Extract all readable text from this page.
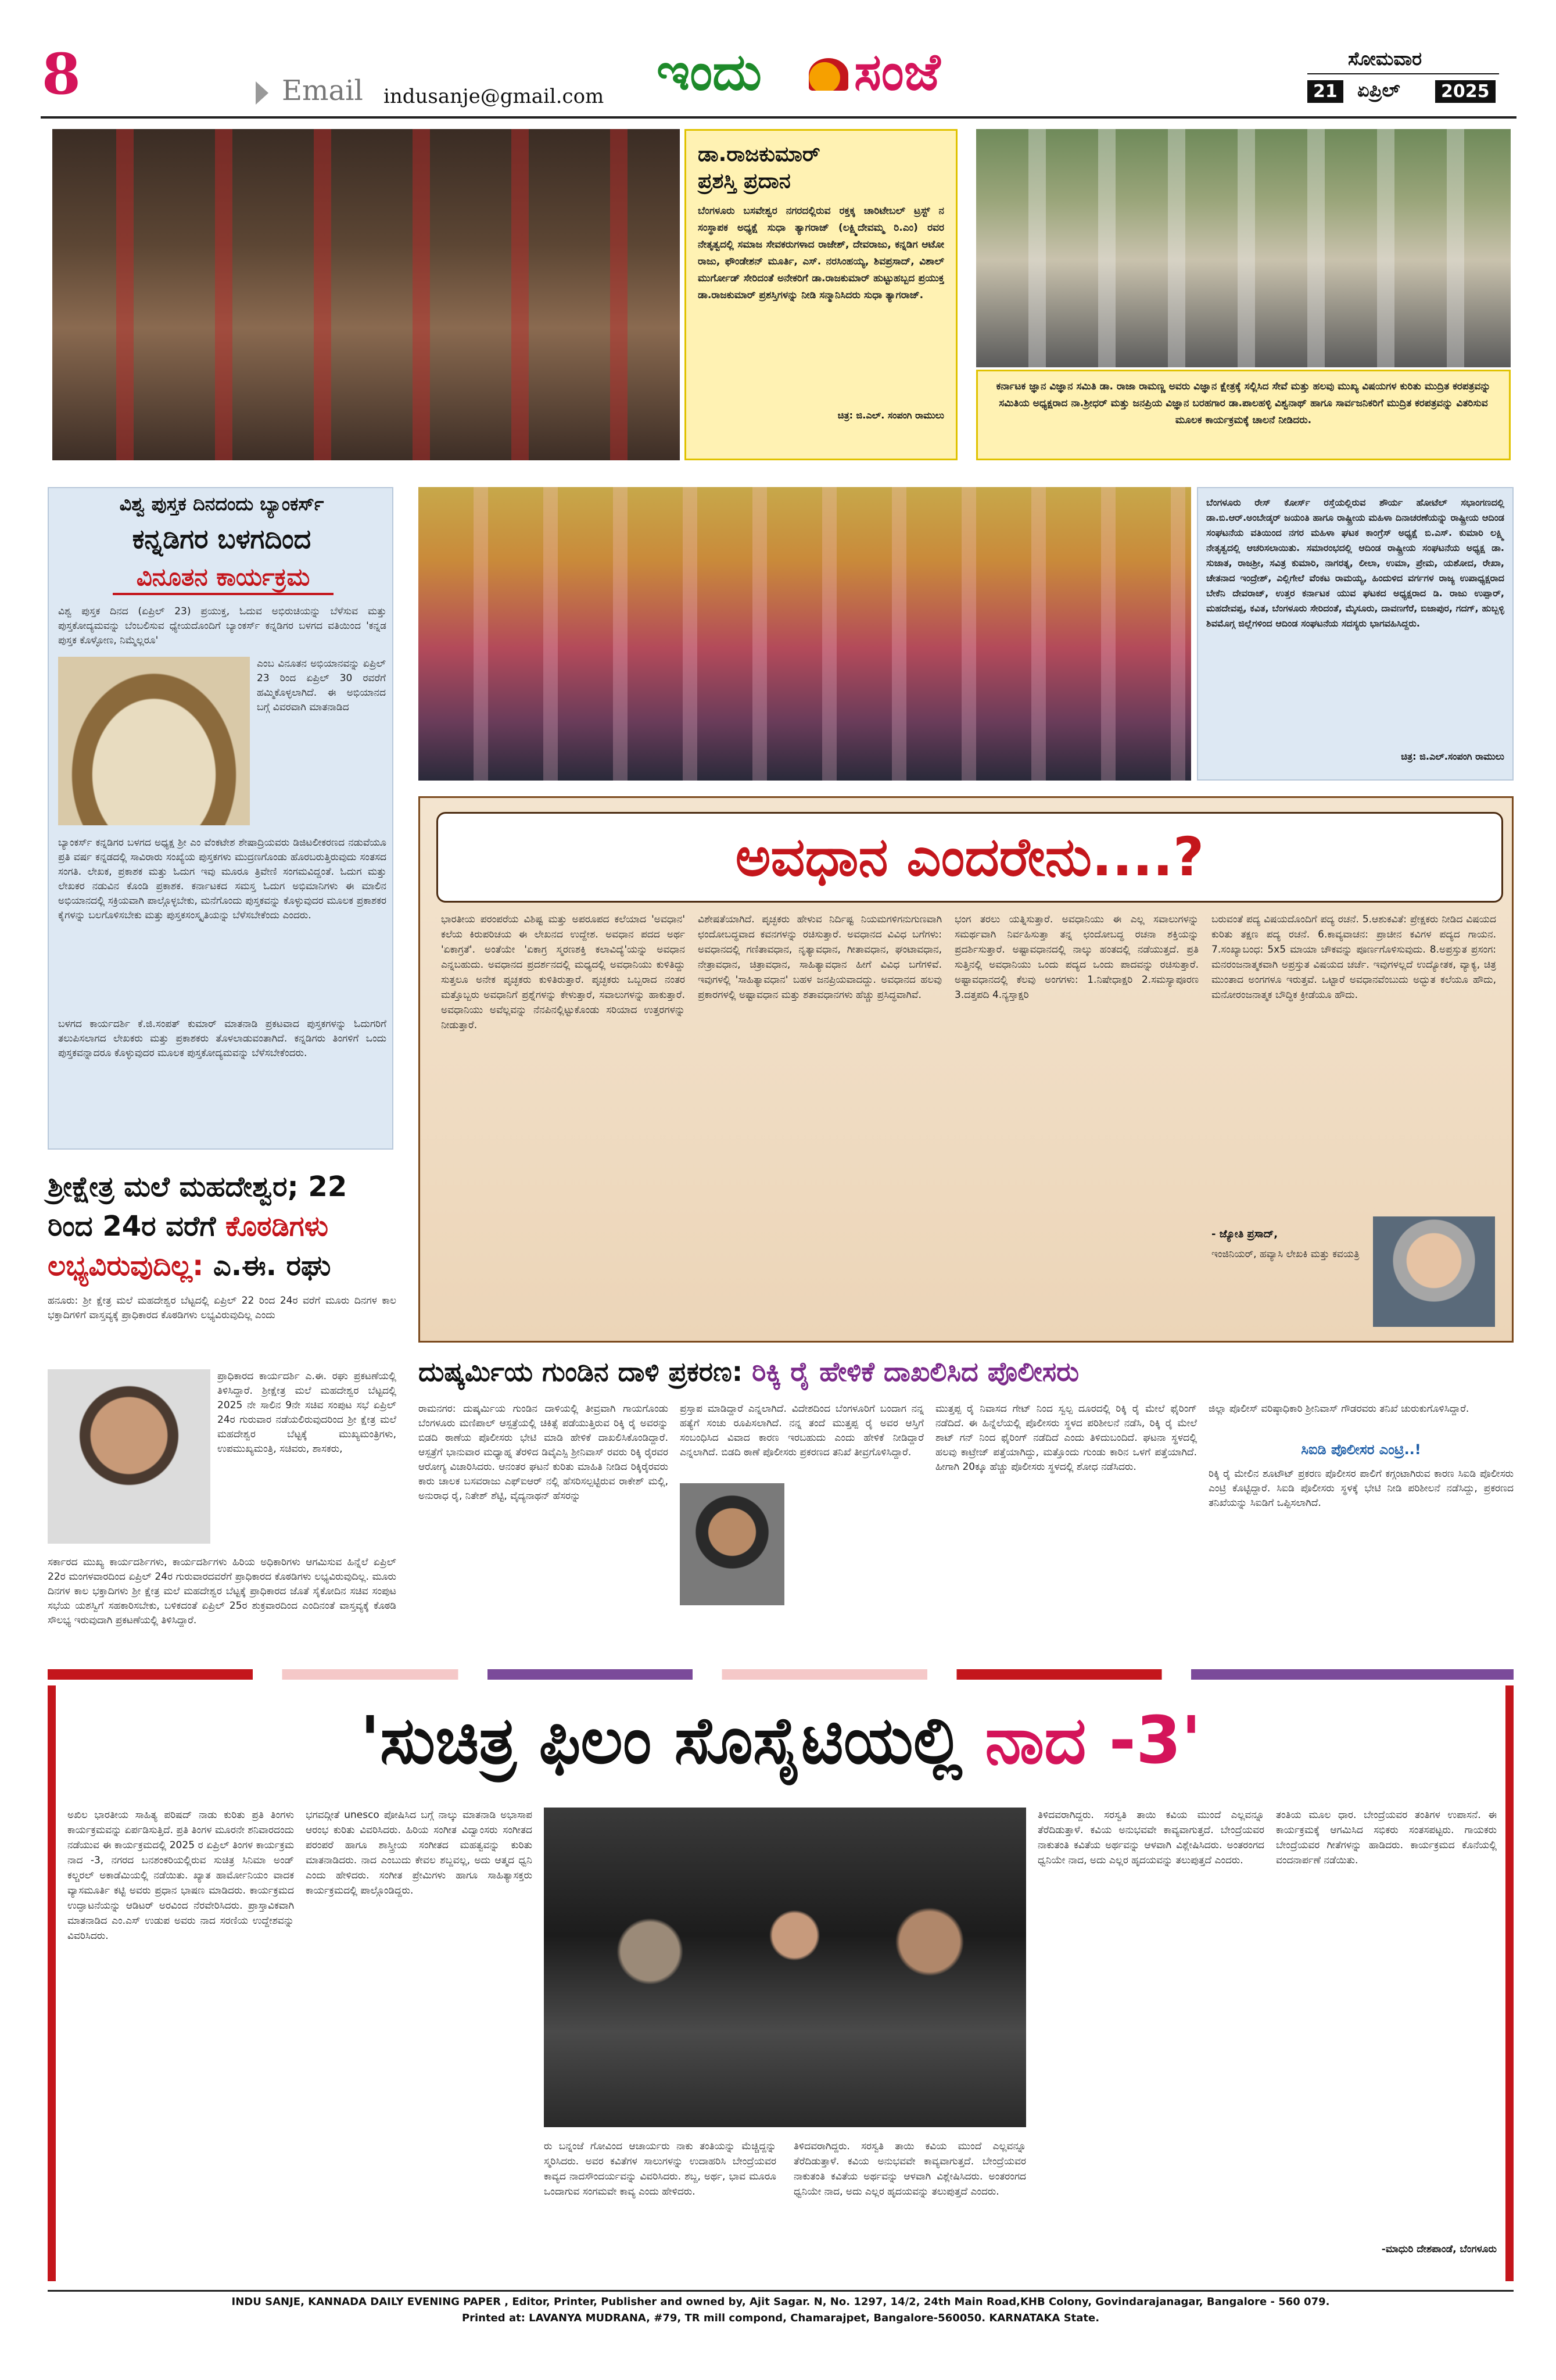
8	Email indusanje@gmail.com ಇಂದು ಸಂಜೆ	ಸೋಮವಾರ
21	ಏಪ್ರಿಲ್	2025
ಡಾ.ರಾಜಕುಮಾರ್
ಪ್ರಶಸ್ತಿ ಪ್ರದಾನ
ಬೆಂಗಳೂರು ಬಸವೇಶ್ವರ ನಗರದಲ್ಲಿರುವ ರಕ್ತಕ್ಕ ಚಾರಿಟೇಬಲ್ ಟ್ರಸ್ಟ್ ನ ಸಂಸ್ಥಾಪಕ ಅಧ್ಯಕ್ಷೆ ಸುಧಾ ತ್ಯಾಗರಾಜ್ (ಲಕ್ಷ್ಮಿದೇವಮ್ಮ ರಿ.ಎಂ) ರವರ ನೇತೃತ್ವದಲ್ಲಿ ಸಮಾಜ ಸೇವಕರುಗಳಾದ ರಾಜೇಶ್, ದೇವರಾಜು, ಕನ್ನಡಿಗ ಆಟೋ ರಾಜು, ಫೌಂಡೇಶನ್ ಮೂರ್ತಿ, ಎಸ್. ನರಸಿಂಹಯ್ಯ, ಶಿವಪ್ರಸಾದ್, ವಿಶಾಲ್ ಮುರ್ಗೋಡ್ ಸೇರಿದಂತೆ ಅನೇಕರಿಗೆ ಡಾ.ರಾಜಕುಮಾರ್ ಹುಟ್ಟುಹಬ್ಬದ ಪ್ರಯುಕ್ತ ಡಾ.ರಾಜಕುಮಾರ್ ಪ್ರಶಸ್ತಿಗಳನ್ನು ನೀಡಿ ಸನ್ಮಾನಿಸಿದರು ಸುಧಾ ತ್ಯಾಗರಾಜ್.
ಚಿತ್ರ: ಜಿ.ಎಲ್. ಸಂಪಂಗಿ ರಾಮುಲು
ಕರ್ನಾಟಕ ಜ್ಞಾನ ವಿಜ್ಞಾನ ಸಮಿತಿ ಡಾ. ರಾಜಾ ರಾಮಣ್ಣ ಅವರು ವಿಜ್ಞಾನ ಕ್ಷೇತ್ರಕ್ಕೆ ಸಲ್ಲಿಸಿದ ಸೇವೆ ಮತ್ತು ಹಲವು ಮುಖ್ಯ ವಿಷಯಗಳ ಕುರಿತು ಮುದ್ರಿತ ಕರಪತ್ರವನ್ನು ಸಮಿತಿಯ ಅಧ್ಯಕ್ಷರಾದ ನಾ.ಶ್ರೀಧರ್ ಮತ್ತು ಜನಪ್ರಿಯ ವಿಜ್ಞಾನ ಬರಹಗಾರ ಡಾ.ಪಾಲಹಳ್ಳಿ ವಿಶ್ವನಾಥ್ ಹಾಗೂ ಸಾರ್ವಜನಿಕರಿಗೆ ಮುದ್ರಿತ ಕರಪತ್ರವನ್ನು ವಿತರಿಸುವ ಮೂಲಕ ಕಾರ್ಯಕ್ರಮಕ್ಕೆ ಚಾಲನೆ ನೀಡಿದರು.
ವಿಶ್ವ ಪುಸ್ತಕ ದಿನದಂದು ಬ್ಯಾಂಕರ್ಸ್
ಕನ್ನಡಿಗರ ಬಳಗದಿಂದ
ವಿನೂತನ ಕಾರ್ಯಕ್ರಮ
ವಿಶ್ವ ಪುಸ್ತಕ ದಿನದ (ಏಪ್ರಿಲ್ 23) ಪ್ರಯುಕ್ತ, ಓದುವ ಅಭಿರುಚಿಯನ್ನು ಬೆಳೆಸುವ ಮತ್ತು ಪುಸ್ತಕೋದ್ಯಮವನ್ನು ಬೆಂಬಲಿಸುವ ಧ್ಯೇಯದೊಂದಿಗೆ ಬ್ಯಾಂಕರ್ಸ್ ಕನ್ನಡಿಗರ ಬಳಗದ ವತಿಯಿಂದ 'ಕನ್ನಡ ಪುಸ್ತಕ ಕೊಳ್ಳೋಣ, ನಿಮ್ಮೆಲ್ಲರೂ'
ಎಂಬ ವಿನೂತನ ಅಭಿಯಾನವನ್ನು ಏಪ್ರಿಲ್ 23 ರಿಂದ ಏಪ್ರಿಲ್ 30 ರವರೆಗೆ ಹಮ್ಮಿಕೊಳ್ಳಲಾಗಿದೆ. ಈ ಅಭಿಯಾನದ ಬಗ್ಗೆ ವಿವರವಾಗಿ ಮಾತನಾಡಿದ
ಬ್ಯಾಂಕರ್ಸ್ ಕನ್ನಡಿಗರ ಬಳಗದ ಅಧ್ಯಕ್ಷ ಶ್ರೀ ಎಂ ವೆಂಕಟೇಶ ಶೇಷಾದ್ರಿಯವರು ಡಿಜಿಟಲೀಕರಣದ ನಡುವೆಯೂ ಪ್ರತಿ ವರ್ಷ ಕನ್ನಡದಲ್ಲಿ ಸಾವಿರಾರು ಸಂಖ್ಯೆಯ ಪುಸ್ತಕಗಳು ಮುದ್ರಣಗೊಂಡು ಹೊರಬರುತ್ತಿರುವುದು ಸಂತಸದ ಸಂಗತಿ. ಲೇಖಕ, ಪ್ರಕಾಶಕ ಮತ್ತು ಓದುಗ ಇವು ಮೂರೂ ತ್ರಿವೇಣಿ ಸಂಗಮವಿದ್ದಂತೆ. ಓದುಗ ಮತ್ತು ಲೇಖಕರ ನಡುವಿನ ಕೊಂಡಿ ಪ್ರಕಾಶಕ. ಕರ್ನಾಟಕದ ಸಮಸ್ತ ಓದುಗ ಅಭಿಮಾನಿಗಳು ಈ ಮಾಲಿನ ಅಭಿಯಾನದಲ್ಲಿ ಸಕ್ರಿಯವಾಗಿ ಪಾಲ್ಗೊಳ್ಳಬೇಕು, ಮನೆಗೊಂದು ಪುಸ್ತಕವನ್ನು ಕೊಳ್ಳುವುದರ ಮೂಲಕ ಪ್ರಕಾಶಕರ ಕೈಗಳನ್ನು ಬಲಗೊಳಿಸಬೇಕು ಮತ್ತು ಪುಸ್ತಕಸಂಸ್ಕೃತಿಯನ್ನು ಬೆಳೆಸಬೇಕೆಂದು ಎಂದರು.
ಬಳಗದ ಕಾರ್ಯದರ್ಶಿ ಕೆ.ಜಿ.ಸಂಪತ್ ಕುಮಾರ್ ಮಾತನಾಡಿ ಪ್ರಕಟವಾದ ಪುಸ್ತಕಗಳನ್ನು ಓದುಗರಿಗೆ ತಲುಪಿಸಲಾಗದ ಲೇಖಕರು ಮತ್ತು ಪ್ರಕಾಶಕರು ತೊಳಲಾಡುವಂತಾಗಿದೆ. ಕನ್ನಡಿಗರು ತಿಂಗಳಿಗೆ ಒಂದು ಪುಸ್ತಕವನ್ನಾದರೂ ಕೊಳ್ಳುವುದರ ಮೂಲಕ ಪುಸ್ತಕೋದ್ಯಮವನ್ನು ಬೆಳೆಸಬೇಕೆಂದರು.
ಬೆಂಗಳೂರು ರೇಸ್ ಕೋರ್ಸ್ ರಸ್ತೆಯಲ್ಲಿರುವ ಶೌರ್ಯ ಹೋಟೆಲ್ ಸಭಾಂಗಣದಲ್ಲಿ ಡಾ.ಬಿ.ಆರ್.ಅಂಬೇಡ್ಕರ್ ಜಯಂತಿ ಹಾಗೂ ರಾಷ್ಟ್ರೀಯ ಮಹಿಳಾ ದಿನಾಚರಣೆಯನ್ನು ರಾಷ್ಟ್ರೀಯ ಆದಿಂಡ ಸಂಘಟನೆಯ ವತಿಯಿಂದ ನಗರ ಮಹಿಳಾ ಘಟಕ ಕಾಂಗ್ರೆಸ್ ಅಧ್ಯಕ್ಷೆ ಬಿ.ಎಸ್. ಕುಮಾರಿ ಲಕ್ಷ್ಮಿ ನೇತೃತ್ವದಲ್ಲಿ ಆಚರಿಸಲಾಯಿತು. ಸಮಾರಂಭದಲ್ಲಿ ಆದಿಂಡ ರಾಷ್ಟ್ರೀಯ ಸಂಘಟನೆಯ ಅಧ್ಯಕ್ಷ ಡಾ. ಸುಜಾತ, ರಾಜಶ್ರೀ, ಸವಿತ್ರ ಕುಮಾರಿ, ನಾಗರತ್ನ, ಲೀಲಾ, ಉಮಾ, ಪ್ರೇಮ, ಯಶೋದ, ರೇಖಾ, ಚೇತನಾದ ಇಂದ್ರೇಶ್, ಎಲ್ಲಿಗೇಲೆ ವೆಂಕಟ ರಾಮಯ್ಯ, ಹಿಂದುಳಿದ ವರ್ಗಗಳ ರಾಜ್ಯ ಉಪಾಧ್ಯಕ್ಷರಾದ ಬೇಕೆನಿ ದೇವರಾಜ್, ಉತ್ತರ ಕರ್ನಾಟಕ ಯುವ ಘಟಕದ ಅಧ್ಯಕ್ಷರಾದ ಡಿ. ರಾಜು ಉಪ್ಪಾರ್, ಮಹದೇವಪ್ಪ, ಕವಿತ, ಬೆಂಗಳೂರು ಸೇರಿದಂತೆ, ಮೈಸೂರು, ದಾವಣಗೆರೆ, ಬಿಜಾಪುರ, ಗದಗ್, ಹುಬ್ಬಳ್ಳಿ ಶಿವಮೊಗ್ಗ ಜಿಲ್ಲೆಗಳಿಂದ ಆದಿಂಡ ಸಂಘಟನೆಯ ಸದಸ್ಯರು ಭಾಗವಹಿಸಿದ್ದರು.
ಚಿತ್ರ: ಜಿ.ಎಲ್.ಸಂಪಂಗಿ ರಾಮುಲು
ಅವಧಾನ ಎಂದರೇನು....?
ಭಾರತೀಯ ಪರಂಪರೆಯ ವಿಶಿಷ್ಟ ಮತ್ತು ಅಪರೂಪದ ಕಲೆಯಾದ 'ಅವಧಾನ' ಕಲೆಯ ಕಿರುಪರಿಚಯ ಈ ಲೇಖನದ ಉದ್ದೇಶ. ಅವಧಾನ ಪದದ ಅರ್ಥ 'ಏಕಾಗ್ರತೆ'. ಅಂತೆಯೇ 'ಏಕಾಗ್ರ ಸ್ಮರಣಶಕ್ತಿ ಕಲಾವಿದ್ಯೆ'ಯನ್ನು ಅವಧಾನ ಎನ್ನಬಹುದು. ಅವಧಾನದ ಪ್ರದರ್ಶನದಲ್ಲಿ ಮಧ್ಯದಲ್ಲಿ ಅವಧಾನಿಯು ಕುಳಿತಿದ್ದು ಸುತ್ತಲೂ ಅನೇಕ ಪೃಚ್ಛಕರು ಕುಳಿತಿರುತ್ತಾರೆ. ಪೃಚ್ಛಕರು ಒಬ್ಬರಾದ ನಂತರ ಮತ್ತೊಬ್ಬರು ಅವಧಾನಿಗೆ ಪ್ರಶ್ನೆಗಳನ್ನು ಕೇಳುತ್ತಾರೆ, ಸವಾಲುಗಳನ್ನು ಹಾಕುತ್ತಾರೆ. ಅವಧಾನಿಯು ಅವೆಲ್ಲವನ್ನು ನೆನಪಿನಲ್ಲಿಟ್ಟುಕೊಂಡು ಸರಿಯಾದ ಉತ್ತರಗಳನ್ನು ನೀಡುತ್ತಾರೆ.
ವಿಶೇಷತೆಯಾಗಿದೆ. ಪೃಚ್ಛಕರು ಹೇಳುವ ನಿರ್ದಿಷ್ಟ ನಿಯಮಗಳಿಗನುಗುಣವಾಗಿ ಛಂದೋಬದ್ಧವಾದ ಕವನಗಳನ್ನು ರಚಿಸುತ್ತಾರೆ. ಅವಧಾನದ ವಿವಿಧ ಬಗೆಗಳು: ಅವಧಾನದಲ್ಲಿ ಗಣಿತಾವಧಾನ, ನೃತ್ಯಾವಧಾನ, ಗೀತಾವಧಾನ, ಘಂಟಾವಧಾನ, ನೇತ್ರಾವಧಾನ, ಚಿತ್ರಾವಧಾನ, ಸಾಹಿತ್ಯಾವಧಾನ ಹೀಗೆ ವಿವಿಧ ಬಗೆಗಳಿವೆ. ಇವುಗಳಲ್ಲಿ 'ಸಾಹಿತ್ಯಾವಧಾನ' ಬಹಳ ಜನಪ್ರಿಯವಾದದ್ದು. ಅವಧಾನದ ಹಲವು ಪ್ರಕಾರಗಳಲ್ಲಿ ಅಷ್ಟಾವಧಾನ ಮತ್ತು ಶತಾವಧಾನಗಳು ಹೆಚ್ಚು ಪ್ರಸಿದ್ಧವಾಗಿವೆ.
ಭಂಗ ತರಲು ಯತ್ನಿಸುತ್ತಾರೆ. ಅವಧಾನಿಯು ಈ ಎಲ್ಲ ಸವಾಲುಗಳನ್ನು ಸಮರ್ಥವಾಗಿ ನಿರ್ವಹಿಸುತ್ತಾ ತನ್ನ ಛಂದೋಬದ್ಧ ರಚನಾ ಶಕ್ತಿಯನ್ನು ಪ್ರದರ್ಶಿಸುತ್ತಾರೆ. ಅಷ್ಟಾವಧಾನದಲ್ಲಿ ನಾಲ್ಕು ಹಂತದಲ್ಲಿ ನಡೆಯುತ್ತದೆ. ಪ್ರತಿ ಸುತ್ತಿನಲ್ಲಿ ಅವಧಾನಿಯು ಒಂದು ಪದ್ಯದ ಒಂದು ಪಾದವನ್ನು ರಚಿಸುತ್ತಾರೆ. ಅಷ್ಟಾವಧಾನದಲ್ಲಿ ಕೆಲವು ಅಂಗಗಳು: 1.ನಿಷೇಧಾಕ್ಷರಿ 2.ಸಮಸ್ಯಾಪೂರಣ 3.ದತ್ತಪದಿ 4.ನ್ಯಸ್ತಾಕ್ಷರಿ
ಬರುವಂತೆ ಪದ್ಯ ವಿಷಯದೊಂದಿಗೆ ಪದ್ಯ ರಚನೆ. 5.ಆಶುಕವಿತೆ: ಪ್ರೇಕ್ಷಕರು ನೀಡಿದ ವಿಷಯದ ಕುರಿತು ತಕ್ಷಣ ಪದ್ಯ ರಚನೆ. 6.ಕಾವ್ಯವಾಚನ: ಪ್ರಾಚೀನ ಕವಿಗಳ ಪದ್ಯದ ಗಾಯನ. 7.ಸಂಖ್ಯಾಬಂಧ: 5x5 ಮಾಯಾ ಚೌಕವನ್ನು ಪೂರ್ಣಗೊಳಿಸುವುದು. 8.ಅಪ್ರಸ್ತುತ ಪ್ರಸಂಗ: ಮನರಂಜನಾತ್ಮಕವಾಗಿ ಅಪ್ರಸ್ತುತ ವಿಷಯದ ಚರ್ಚೆ. ಇವುಗಳಲ್ಲದೆ ಉದ್ಯೋತಕ, ವ್ಯಾಕ್ಯ, ಚಿತ್ರ ಮುಂತಾದ ಅಂಗಗಳೂ ಇರುತ್ತವೆ. ಒಟ್ಟಾರೆ ಅವಧಾನವೆಂಬುದು ಅದ್ಭುತ ಕಲೆಯೂ ಹೌದು, ಮನೋರಂಜನಾತ್ಮಕ ಬೌದ್ಧಿಕ ಕ್ರೀಡೆಯೂ ಹೌದು.
- ಜ್ಯೋತಿ ಪ್ರಸಾದ್,
ಇಂಜಿನಿಯರ್, ಹವ್ಯಾಸಿ ಲೇಖಕಿ ಮತ್ತು ಕವಯತ್ರಿ
ಶ್ರೀಕ್ಷೇತ್ರ ಮಲೆ ಮಹದೇಶ್ವರ; 22
ರಿಂದ 24ರ ವರೆಗೆ ಕೊಠಡಿಗಳು
ಲಭ್ಯವಿರುವುದಿಲ್ಲ: ಎ.ಈ. ರಘು
ಹನೂರು: ಶ್ರೀ ಕ್ಷೇತ್ರ ಮಲೆ ಮಹದೇಶ್ವರ ಬೆಟ್ಟದಲ್ಲಿ ಏಪ್ರಿಲ್ 22 ರಿಂದ 24ರ ವರೆಗೆ ಮೂರು ದಿನಗಳ ಕಾಲ ಭಕ್ತಾದಿಗಳಿಗೆ ವಾಸ್ತವ್ಯಕ್ಕೆ ಪ್ರಾಧಿಕಾರದ ಕೊಠಡಿಗಳು ಲಭ್ಯವಿರುವುದಿಲ್ಲ ಎಂದು
ಪ್ರಾಧಿಕಾರದ ಕಾರ್ಯದರ್ಶಿ ಎ.ಈ. ರಘು ಪ್ರಕಟಣೆಯಲ್ಲಿ ತಿಳಿಸಿದ್ದಾರೆ. ಶ್ರೀಕ್ಷೇತ್ರ ಮಲೆ ಮಹದೇಶ್ವರ ಬೆಟ್ಟದಲ್ಲಿ 2025 ನೇ ಸಾಲಿನ 9ನೇ ಸಚಿವ ಸಂಪುಟ ಸಭೆ ಏಪ್ರಿಲ್ 24ರ ಗುರುವಾರ ನಡೆಯಲಿರುವುದರಿಂದ ಶ್ರೀ ಕ್ಷೇತ್ರ ಮಲೆ ಮಹದೇಶ್ವರ ಬೆಟ್ಟಕ್ಕೆ ಮುಖ್ಯಮಂತ್ರಿಗಳು, ಉಪಮುಖ್ಯಮಂತ್ರಿ, ಸಚಿವರು, ಶಾಸಕರು,
ಸರ್ಕಾರದ ಮುಖ್ಯ ಕಾರ್ಯದರ್ಶಿಗಳು, ಕಾರ್ಯದರ್ಶಿಗಳು ಹಿರಿಯ ಅಧಿಕಾರಿಗಳು ಆಗಮಿಸುವ ಹಿನ್ನೆಲೆ ಏಪ್ರಿಲ್ 22ರ ಮಂಗಳವಾರದಿಂದ ಏಪ್ರಿಲ್ 24ರ ಗುರುವಾರದವರೆಗೆ ಪ್ರಾಧಿಕಾರದ ಕೊಠಡಿಗಳು ಲಭ್ಯವಿರುವುದಿಲ್ಲ. ಮೂರು ದಿನಗಳ ಕಾಲ ಭಕ್ತಾದಿಗಳು ಶ್ರೀ ಕ್ಷೇತ್ರ ಮಲೆ ಮಹದೇಶ್ವರ ಬೆಟ್ಟಕ್ಕೆ ಪ್ರಾಧಿಕಾರದ ಜೊತೆ ಸೈಕೋದಿನ ಸಚಿವ ಸಂಪುಟ ಸಭೆಯ ಯಶಸ್ವಿಗೆ ಸಹಕಾರಿಸಬೇಕು, ಬಳಿಕದಂತೆ ಏಪ್ರಿಲ್ 25ರ ಶುಕ್ರವಾರದಿಂದ ಎಂದಿನಂತೆ ವಾಸ್ತವ್ಯಕ್ಕೆ ಕೊಠಡಿ ಸೌಲಭ್ಯ ಇರುವುದಾಗಿ ಪ್ರಕಟಣೆಯಲ್ಲಿ ತಿಳಿಸಿದ್ದಾರೆ.
ದುಷ್ಕರ್ಮಿಯ ಗುಂಡಿನ ದಾಳಿ ಪ್ರಕರಣ: ರಿಕ್ಕಿ ರೈ ಹೇಳಿಕೆ ದಾಖಲಿಸಿದ ಪೊಲೀಸರು
ರಾಮನಗರ: ದುಷ್ಕರ್ಮಿಯ ಗುಂಡಿನ ದಾಳಿಯಲ್ಲಿ ತೀವ್ರವಾಗಿ ಗಾಯಗೊಂಡು ಬೆಂಗಳೂರು ಮಣಿಪಾಲ್ ಆಸ್ಪತ್ರೆಯಲ್ಲಿ ಚಿಕಿತ್ಸೆ ಪಡೆಯುತ್ತಿರುವ ರಿಕ್ಕಿ ರೈ ಅವರನ್ನು ಬಿಡದಿ ಠಾಣೆಯ ಪೊಲೀಸರು ಭೇಟಿ ಮಾಡಿ ಹೇಳಿಕೆ ದಾಖಲಿಸಿಕೊಂಡಿದ್ದಾರೆ. ಆಸ್ಪತ್ರೆಗೆ ಭಾನುವಾರ ಮಧ್ಯಾಹ್ನ ತೆರಳಿದ ಡಿವೈಎಸ್ಪಿ ಶ್ರೀನಿವಾಸ್ ರವರು ರಿಕ್ಕಿ ರೈರವರ ಆರೋಗ್ಯ ವಿಚಾರಿಸಿದರು. ಆನಂತರ ಘಟನೆ ಕುರಿತು ಮಾಹಿತಿ ನೀಡಿದ ರಿಕ್ಕಿರೈರವರು ಕಾರು ಚಾಲಕ ಬಸವರಾಜು ಎಫ್ಐಆರ್ ನಲ್ಲಿ ಹೆಸರಿಸಲ್ಪಟ್ಟಿರುವ ರಾಕೇಶ್ ಮಲ್ಲಿ, ಅನುರಾಧ ರೈ, ನಿತೇಶ್ ಶೆಟ್ಟಿ, ವೈದ್ಯನಾಥನ್ ಹೆಸರನ್ನು
ಪ್ರಸ್ತಾಪ ಮಾಡಿದ್ದಾರೆ ಎನ್ನಲಾಗಿದೆ. ವಿದೇಶದಿಂದ ಬೆಂಗಳೂರಿಗೆ ಬಂದಾಗ ನನ್ನ ಹತ್ಯೆಗೆ ಸಂಚು ರೂಪಿಸಲಾಗಿದೆ. ನನ್ನ ತಂದೆ ಮುತ್ತಪ್ಪ ರೈ ಅವರ ಆಸ್ತಿಗೆ ಸಂಬಂಧಿಸಿದ ವಿವಾದ ಕಾರಣ ಇರಬಹುದು ಎಂದು ಹೇಳಿಕೆ ನೀಡಿದ್ದಾರೆ ಎನ್ನಲಾಗಿದೆ. ಬಿಡದಿ ಠಾಣೆ ಪೊಲೀಸರು ಪ್ರಕರಣದ ತನಿಖೆ ತೀವ್ರಗೊಳಿಸಿದ್ದಾರೆ.
ಮುತ್ತಪ್ಪ ರೈ ನಿವಾಸದ ಗೇಟ್ ನಿಂದ ಸ್ವಲ್ಪ ದೂರದಲ್ಲಿ ರಿಕ್ಕಿ ರೈ ಮೇಲೆ ಫೈರಿಂಗ್ ನಡೆದಿದೆ. ಈ ಹಿನ್ನೆಲೆಯಲ್ಲಿ ಪೊಲೀಸರು ಸ್ಥಳದ ಪರಿಶೀಲನೆ ನಡೆಸಿ, ರಿಕ್ಕಿ ರೈ ಮೇಲೆ ಶಾಟ್ ಗನ್ ನಿಂದ ಫೈರಿಂಗ್ ನಡೆದಿದೆ ಎಂದು ತಿಳಿದುಬಂದಿದೆ. ಘಟನಾ ಸ್ಥಳದಲ್ಲಿ ಹಲವು ಕಾಟ್ರೇಜ್ ಪತ್ತೆಯಾಗಿದ್ದು, ಮತ್ತೊಂದು ಗುಂಡು ಕಾರಿನ ಒಳಗೆ ಪತ್ತೆಯಾಗಿದೆ. ಹೀಗಾಗಿ 20ಕ್ಕೂ ಹೆಚ್ಚು ಪೊಲೀಸರು ಸ್ಥಳದಲ್ಲಿ ಶೋಧ ನಡೆಸಿದರು.
ಜಿಲ್ಲಾ ಪೊಲೀಸ್ ವರಿಷ್ಠಾಧಿಕಾರಿ ಶ್ರೀನಿವಾಸ್ ಗೌಡರವರು ತನಿಖೆ ಚುರುಕುಗೊಳಿಸಿದ್ದಾರೆ.
ಸಿಐಡಿ ಪೊಲೀಸರ ಎಂಟ್ರಿ..!
ರಿಕ್ಕಿ ರೈ ಮೇಲಿನ ಶೂಟೌಟ್ ಪ್ರಕರಣ ಪೊಲೀಸರ ಪಾಲಿಗೆ ಕಗ್ಗಂಟಾಗಿರುವ ಕಾರಣ ಸಿಐಡಿ ಪೊಲೀಸರು ಎಂಟ್ರಿ ಕೊಟ್ಟಿದ್ದಾರೆ. ಸಿಐಡಿ ಪೊಲೀಸರು ಸ್ಥಳಕ್ಕೆ ಭೇಟಿ ನೀಡಿ ಪರಿಶೀಲನೆ ನಡೆಸಿದ್ದು, ಪ್ರಕರಣದ ತನಿಖೆಯನ್ನು ಸಿಐಡಿಗೆ ಒಪ್ಪಿಸಲಾಗಿದೆ.
'ಸುಚಿತ್ರ ಫಿಲಂ ಸೊಸೈಟಿಯಲ್ಲಿ ನಾದ -3'
ಅಖಿಲ ಭಾರತೀಯ ಸಾಹಿತ್ಯ ಪರಿಷದ್ ನಾಡು ಕುರಿತು ಪ್ರತಿ ತಿಂಗಳು ಕಾರ್ಯಕ್ರಮವನ್ನು ಏರ್ಪಡಿಸುತ್ತಿದೆ. ಪ್ರತಿ ತಿಂಗಳ ಮೂರನೇ ಶನಿವಾರದಂದು ನಡೆಯುವ ಈ ಕಾರ್ಯಕ್ರಮದಲ್ಲಿ 2025 ರ ಏಪ್ರಿಲ್ ತಿಂಗಳ ಕಾರ್ಯಕ್ರಮ ನಾದ -3, ನಗರದ ಬನಶಂಕರಿಯಲ್ಲಿರುವ ಸುಚಿತ್ರ ಸಿನಿಮಾ ಅಂಡ್ ಕಲ್ಚರಲ್ ಅಕಾಡೆಮಿಯಲ್ಲಿ ನಡೆಯಿತು. ಖ್ಯಾತ ಹಾರ್ಮೋನಿಯಂ ವಾದಕ ವ್ಯಾಸಮೂರ್ತಿ ಕಟ್ಟಿ ಅವರು ಪ್ರಧಾನ ಭಾಷಣ ಮಾಡಿದರು. ಕಾರ್ಯಕ್ರಮದ ಉದ್ಘಾಟನೆಯನ್ನು ಆಡಿಟರ್ ಅರವಿಂದ ನೆರವೇರಿಸಿದರು. ಪ್ರಾಸ್ತಾವಿಕವಾಗಿ ಮಾತನಾಡಿದ ಎಂ.ಎಸ್ ಉಡುಪ ಅವರು ನಾದ ಸರಣಿಯ ಉದ್ದೇಶವನ್ನು ವಿವರಿಸಿದರು.
ಭಗವದ್ಗೀತೆ unesco ಪೋಷಿಸಿದ ಬಗ್ಗೆ ನಾಲ್ಕು ಮಾತನಾಡಿ ಅಭಾಸಾಪ ಆರಂಭ ಕುರಿತು ವಿವರಿಸಿದರು. ಹಿರಿಯ ಸಂಗೀತ ವಿದ್ವಾಂಸರು ಸಂಗೀತದ ಪರಂಪರೆ ಹಾಗೂ ಶಾಸ್ತ್ರೀಯ ಸಂಗೀತದ ಮಹತ್ವವನ್ನು ಕುರಿತು ಮಾತನಾಡಿದರು. ನಾದ ಎಂಬುದು ಕೇವಲ ಶಬ್ದವಲ್ಲ, ಅದು ಆತ್ಮದ ಧ್ವನಿ ಎಂದು ಹೇಳಿದರು. ಸಂಗೀತ ಪ್ರೇಮಿಗಳು ಹಾಗೂ ಸಾಹಿತ್ಯಾಸಕ್ತರು ಕಾರ್ಯಕ್ರಮದಲ್ಲಿ ಪಾಲ್ಗೊಂಡಿದ್ದರು.
ರು ಬನ್ನಂಜೆ ಗೋವಿಂದ ಆಚಾರ್ಯರು ನಾಕು ತಂತಿಯನ್ನು ಮೆಚ್ಚಿದ್ದನ್ನು ಸ್ಮರಿಸಿದರು. ಅವರ ಕವಿತೆಗಳ ಸಾಲುಗಳನ್ನು ಉದಾಹರಿಸಿ ಬೇಂದ್ರೆಯವರ ಕಾವ್ಯದ ನಾದಸೌಂದರ್ಯವನ್ನು ವಿವರಿಸಿದರು. ಶಬ್ದ, ಅರ್ಥ, ಭಾವ ಮೂರೂ ಒಂದಾಗುವ ಸಂಗಮವೇ ಕಾವ್ಯ ಎಂದು ಹೇಳಿದರು.
ತಿಳಿದವರಾಗಿದ್ದರು. ಸರಸ್ವತಿ ತಾಯಿ ಕವಿಯ ಮುಂದೆ ಎಲ್ಲವನ್ನೂ ತೆರೆದಿಡುತ್ತಾಳೆ. ಕವಿಯ ಅನುಭವವೇ ಕಾವ್ಯವಾಗುತ್ತದೆ. ಬೇಂದ್ರೆಯವರ ನಾಕುತಂತಿ ಕವಿತೆಯ ಅರ್ಥವನ್ನು ಆಳವಾಗಿ ವಿಶ್ಲೇಷಿಸಿದರು. ಅಂತರಂಗದ ಧ್ವನಿಯೇ ನಾದ, ಅದು ಎಲ್ಲರ ಹೃದಯವನ್ನು ತಲುಪುತ್ತದೆ ಎಂದರು.
ತಿಳಿದವರಾಗಿದ್ದರು. ಸರಸ್ವತಿ ತಾಯಿ ಕವಿಯ ಮುಂದೆ ಎಲ್ಲವನ್ನೂ ತೆರೆದಿಡುತ್ತಾಳೆ. ಕವಿಯ ಅನುಭವವೇ ಕಾವ್ಯವಾಗುತ್ತದೆ. ಬೇಂದ್ರೆಯವರ ನಾಕುತಂತಿ ಕವಿತೆಯ ಅರ್ಥವನ್ನು ಆಳವಾಗಿ ವಿಶ್ಲೇಷಿಸಿದರು. ಅಂತರಂಗದ ಧ್ವನಿಯೇ ನಾದ, ಅದು ಎಲ್ಲರ ಹೃದಯವನ್ನು ತಲುಪುತ್ತದೆ ಎಂದರು.
ತಂತಿಯ ಮೂಲ ಧಾರ. ಬೇಂದ್ರೆಯವರ ತಂತಿಗಳ ಉಪಾಸನೆ. ಈ ಕಾರ್ಯಕ್ರಮಕ್ಕೆ ಆಗಮಿಸಿದ ಸಭಿಕರು ಸಂತಸಪಟ್ಟರು. ಗಾಯಕರು ಬೇಂದ್ರೆಯವರ ಗೀತೆಗಳನ್ನು ಹಾಡಿದರು. ಕಾರ್ಯಕ್ರಮದ ಕೊನೆಯಲ್ಲಿ ವಂದನಾರ್ಪಣೆ ನಡೆಯಿತು.
-ಮಾಧುರಿ ದೇಶಪಾಂಡೆ, ಬೆಂಗಳೂರು
INDU SANJE, KANNADA DAILY EVENING PAPER , Editor, Printer, Publisher and owned by, Ajit Sagar. N, No. 1297, 14/2, 24th Main Road,KHB Colony, Govindarajanagar, Bangalore - 560 079.
Printed at: LAVANYA MUDRANA, #79, TR mill compond, Chamarajpet, Bangalore-560050. KARNATAKA State.
